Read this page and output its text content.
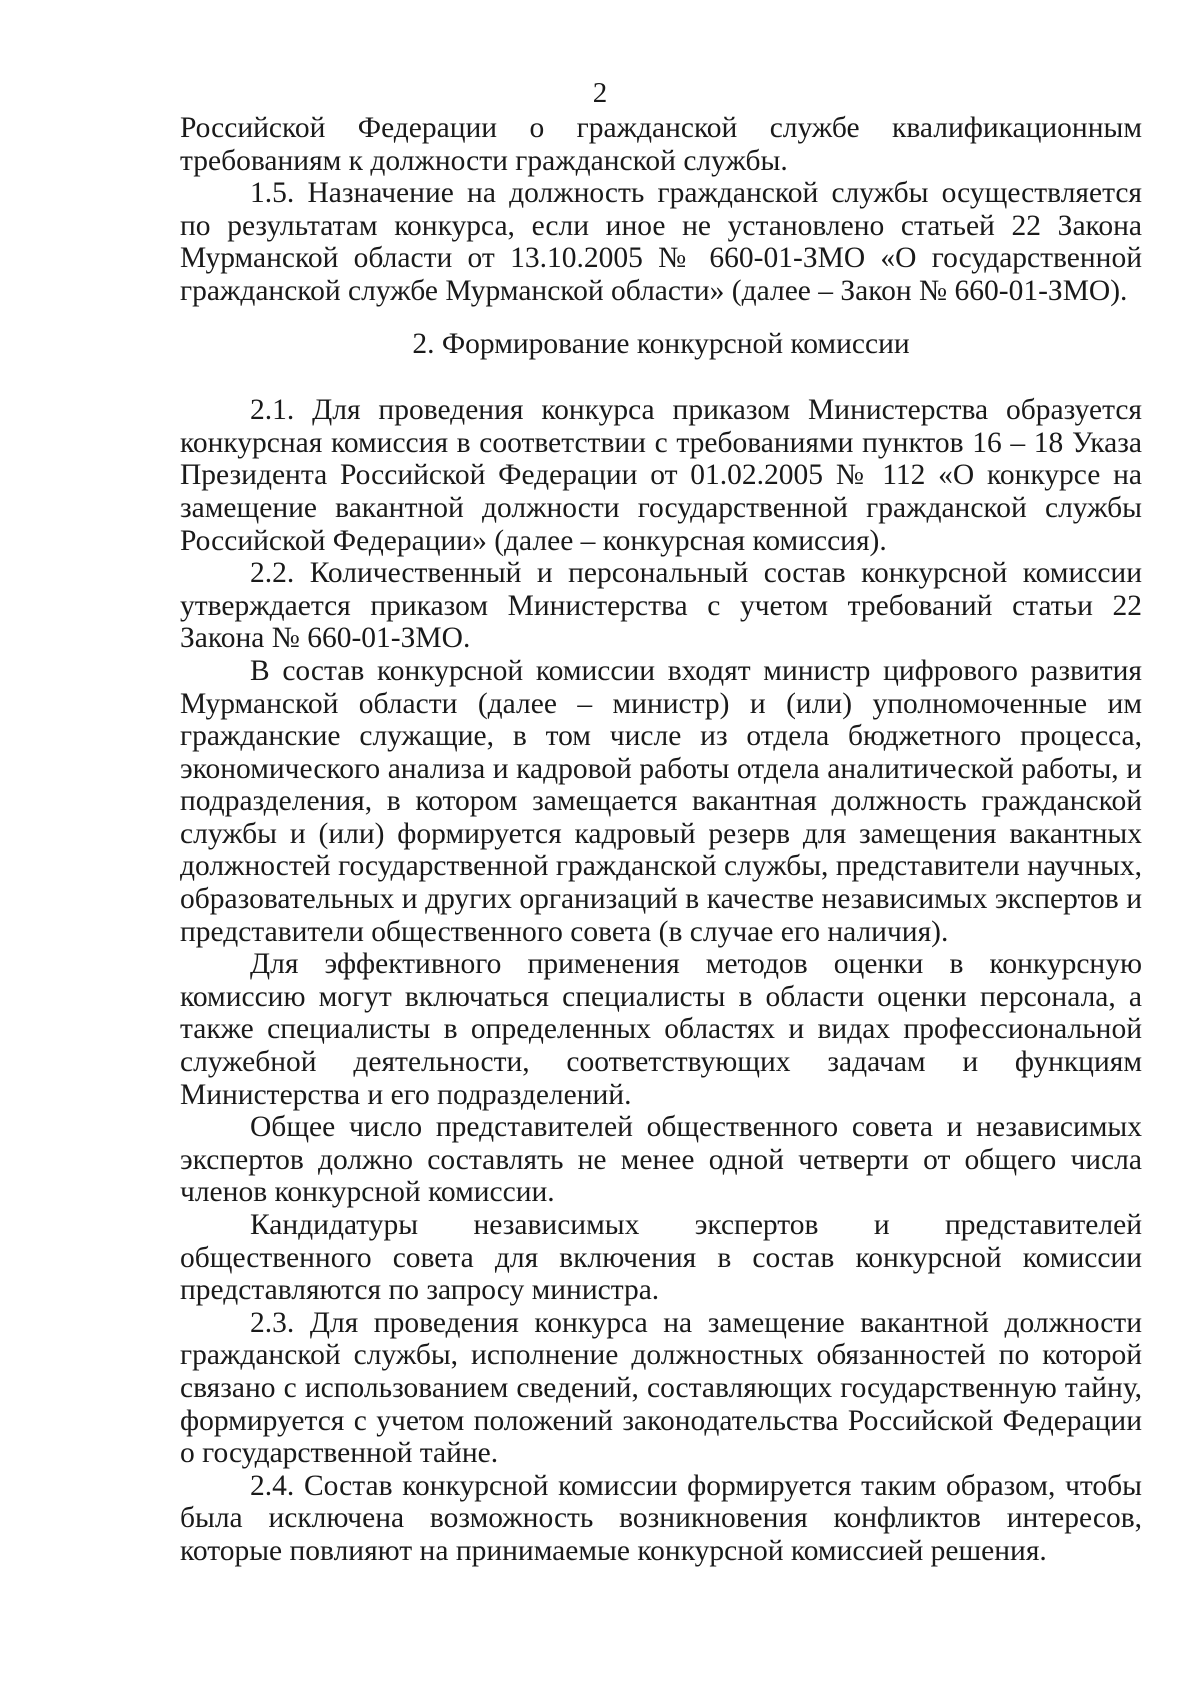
2

Российской Федерации о гражданской службе квалификационным требованиям к должности гражданской службы.

1.5. Назначение на должность гражданской службы осуществляется по результатам конкурса, если иное не установлено статьей 22 Закона Мурманской области от 13.10.2005 № 660-01-ЗМО «О государственной гражданской службе Мурманской области» (далее – Закон № 660-01-ЗМО).

2. Формирование конкурсной комиссии

2.1. Для проведения конкурса приказом Министерства образуется конкурсная комиссия в соответствии с требованиями пунктов 16 – 18 Указа Президента Российской Федерации от 01.02.2005 № 112 «О конкурсе на замещение вакантной должности государственной гражданской службы Российской Федерации» (далее – конкурсная комиссия).

2.2. Количественный и персональный состав конкурсной комиссии утверждается приказом Министерства с учетом требований статьи 22 Закона № 660-01-ЗМО.

В состав конкурсной комиссии входят министр цифрового развития Мурманской области (далее – министр) и (или) уполномоченные им гражданские служащие, в том числе из отдела бюджетного процесса, экономического анализа и кадровой работы отдела аналитической работы, и подразделения, в котором замещается вакантная должность гражданской службы и (или) формируется кадровый резерв для замещения вакантных должностей государственной гражданской службы, представители научных, образовательных и других организаций в качестве независимых экспертов и представители общественного совета (в случае его наличия).

Для эффективного применения методов оценки в конкурсную комиссию могут включаться специалисты в области оценки персонала, а также специалисты в определенных областях и видах профессиональной служебной деятельности, соответствующих задачам и функциям Министерства и его подразделений.

Общее число представителей общественного совета и независимых экспертов должно составлять не менее одной четверти от общего числа членов конкурсной комиссии.

Кандидатуры независимых экспертов и представителей общественного совета для включения в состав конкурсной комиссии представляются по запросу министра.

2.3. Для проведения конкурса на замещение вакантной должности гражданской службы, исполнение должностных обязанностей по которой связано с использованием сведений, составляющих государственную тайну, формируется с учетом положений законодательства Российской Федерации о государственной тайне.

2.4. Состав конкурсной комиссии формируется таким образом, чтобы была исключена возможность возникновения конфликтов интересов, которые повлияют на принимаемые конкурсной комиссией решения.
